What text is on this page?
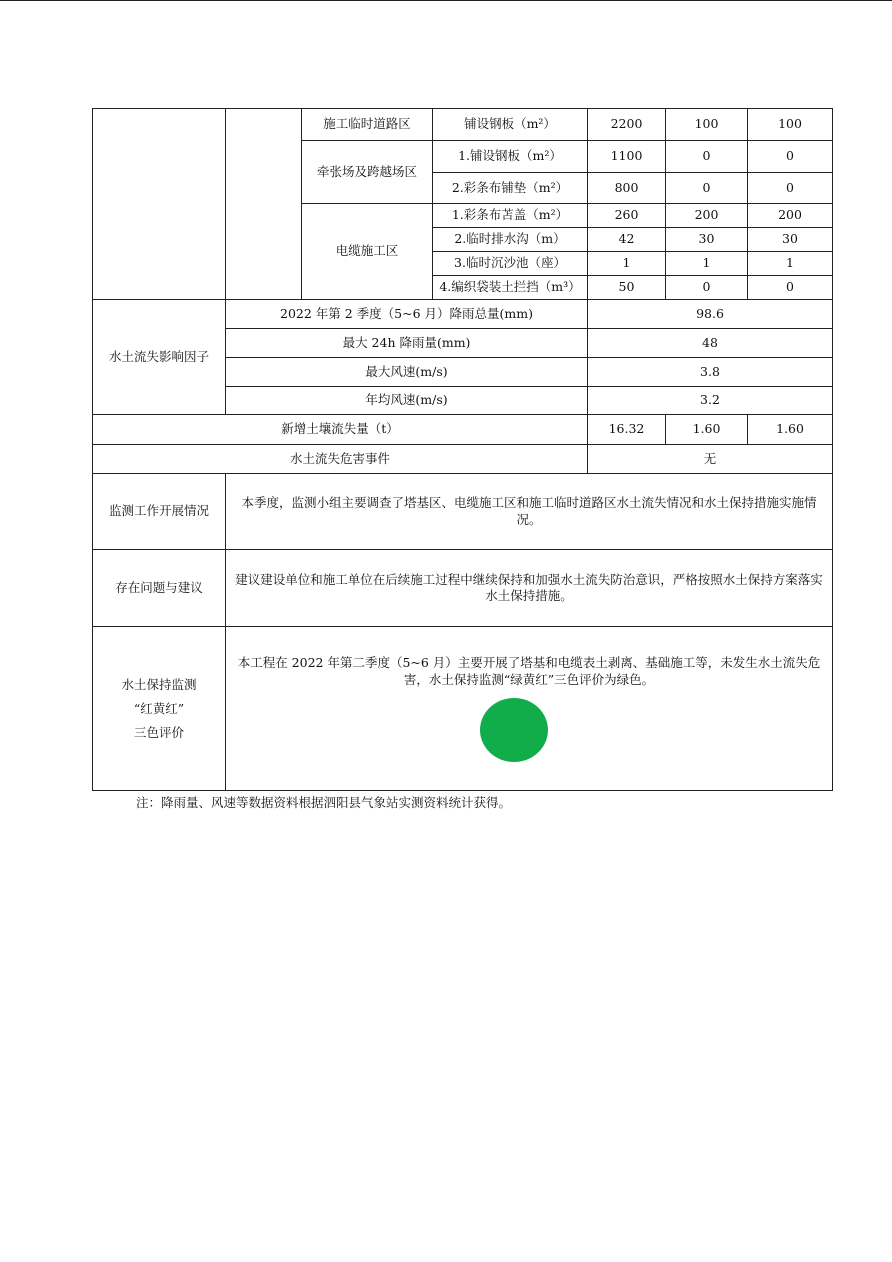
		施工临时道路区	铺设钢板（m²）	2200	100	100
		牵张场及跨越场区	1.铺设钢板（m²）	1100	0	0
			2.彩条布铺垫（m²）	800	0	0
		电缆施工区	1.彩条布苫盖（m²）	260	200	200
			2.临时排水沟（m）	42	30	30
			3.临时沉沙池（座）	1	1	1
			4.编织袋装土拦挡（m³）	50	0	0
水土流失影响因子	2022 年第 2 季度（5~6 月）降雨总量(mm)			98.6		
	最大 24h 降雨量(mm)			48		
	最大风速(m/s)			3.8		
	年均风速(m/s)			3.2		
新增土壤流失量（t）				16.32	1.60	1.60
水土流失危害事件				无		
监测工作开展情况	本季度，监测小组主要调查了塔基区、电缆施工区和施工临时道路区水土流失情况和水土保持措施实施情况。					
存在问题与建议	建议建设单位和施工单位在后续施工过程中继续保持和加强水土流失防治意识，严格按照水土保持方案落实水土保持措施。					

水土保持监测
“红黄红”
三色评价	本工程在 2022 年第二季度（5~6 月）主要开展了塔基和电缆表土剥离、基础施工等，未发生水土流失危害，水土保持监测“绿黄红”三色评价为绿色。					
注：降雨量、风速等数据资料根据泗阳县气象站实测资料统计获得。
